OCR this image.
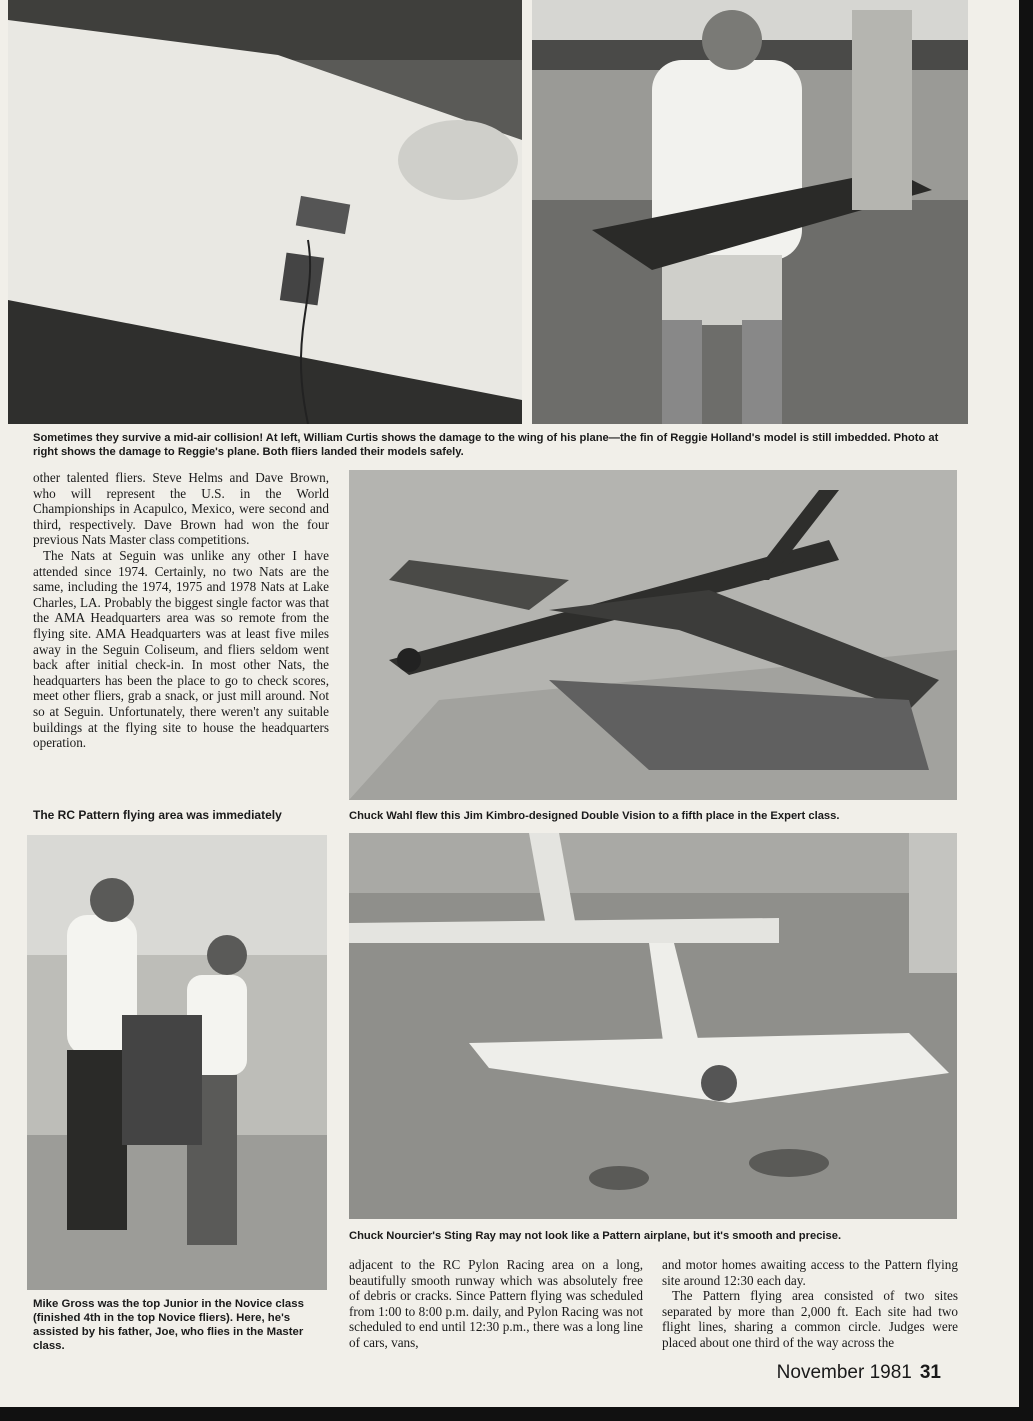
Sometimes they survive a mid-air collision! At left, William Curtis shows the damage to the wing of his plane—the fin of Reggie Holland's model is still imbedded. Photo at right shows the damage to Reggie's plane. Both fliers landed their models safely.

other talented fliers. Steve Helms and Dave Brown, who will represent the U.S. in the World Championships in Acapulco, Mexico, were second and third, respectively. Dave Brown had won the four previous Nats Master class competitions.

The Nats at Seguin was unlike any other I have attended since 1974. Certainly, no two Nats are the same, including the 1974, 1975 and 1978 Nats at Lake Charles, LA. Probably the biggest single factor was that the AMA Headquarters area was so remote from the flying site. AMA Headquarters was at least five miles away in the Seguin Coliseum, and fliers seldom went back after initial check-in. In most other Nats, the headquarters has been the place to go to check scores, meet other fliers, grab a snack, or just mill around. Not so at Seguin. Unfortunately, there weren't any suitable buildings at the flying site to house the headquarters operation.

The RC Pattern flying area was immediately	Chuck Wahl flew this Jim Kimbro-designed Double Vision to a fifth place in the Expert class.
Chuck Nourcier's Sting Ray may not look like a Pattern airplane, but it's smooth and precise.
Mike Gross was the top Junior in the Novice class (finished 4th in the top Novice fliers). Here, he's assisted by his father, Joe, who flies in the Master class.

adjacent to the RC Pylon Racing area on a long, beautifully smooth runway which was absolutely free of debris or cracks. Since Pattern flying was scheduled from 1:00 to 8:00 p.m. daily, and Pylon Racing was not scheduled to end until 12:30 p.m., there was a long line of cars, vans,

and motor homes awaiting access to the Pattern flying site around 12:30 each day.

The Pattern flying area consisted of two sites separated by more than 2,000 ft. Each site had two flight lines, sharing a common circle. Judges were placed about one third of the way across the

November 1981 31
